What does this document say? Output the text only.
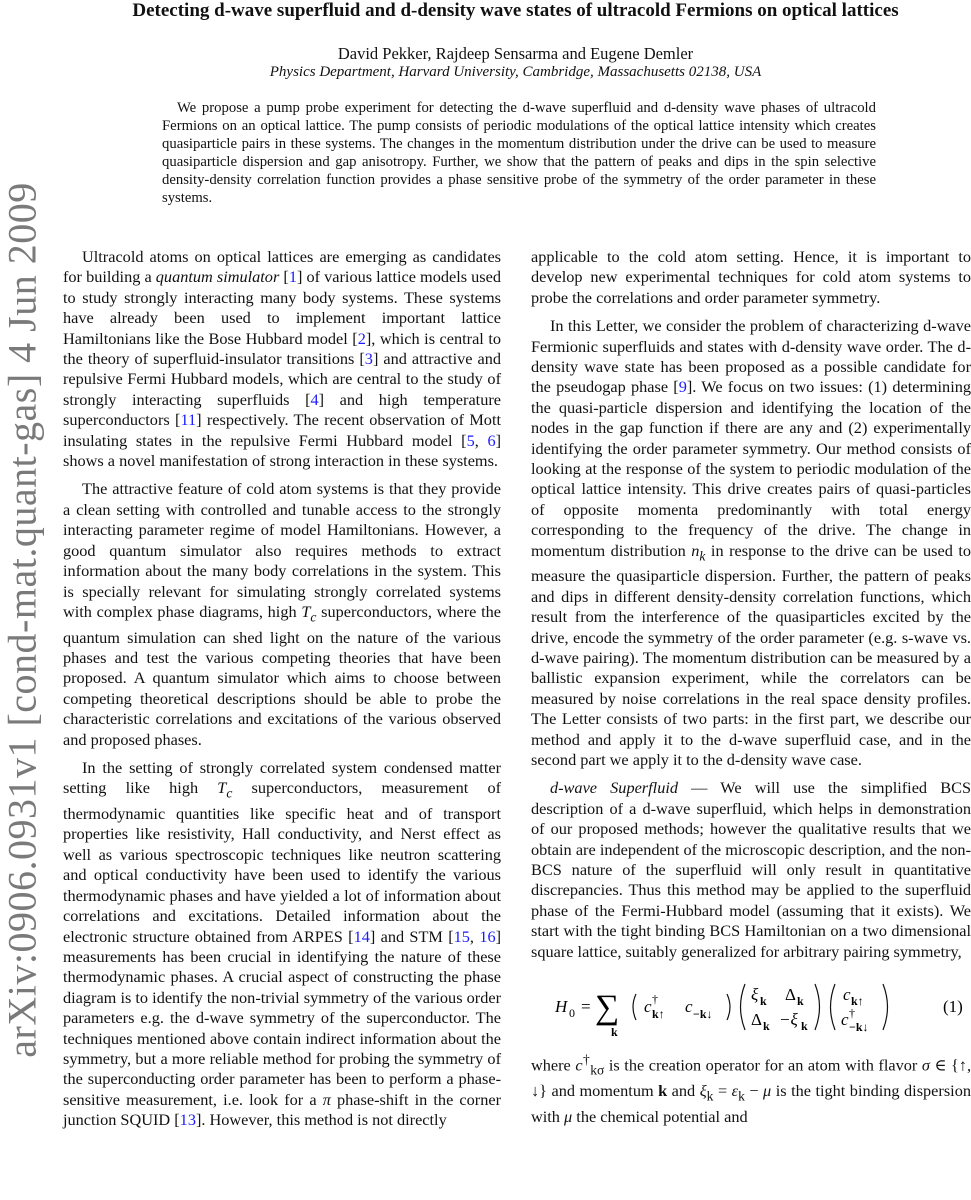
arXiv:0906.0931v1 [cond-mat.quant-gas] 4 Jun 2009
Detecting d-wave superfluid and d-density wave states of ultracold Fermions on optical lattices
David Pekker, Rajdeep Sensarma and Eugene Demler
Physics Department, Harvard University, Cambridge, Massachusetts 02138, USA
We propose a pump probe experiment for detecting the d-wave superfluid and d-density wave phases of ultracold Fermions on an optical lattice. The pump consists of periodic modulations of the optical lattice intensity which creates quasiparticle pairs in these systems. The changes in the momentum distribution under the drive can be used to measure quasiparticle dispersion and gap anisotropy. Further, we show that the pattern of peaks and dips in the spin selective density-density correlation function provides a phase sensitive probe of the symmetry of the order parameter in these systems.

Ultracold atoms on optical lattices are emerging as candidates for building a quantum simulator [1] of various lattice models used to study strongly interacting many body systems. These systems have already been used to implement important lattice Hamiltonians like the Bose Hubbard model [2], which is central to the theory of superfluid-insulator transitions [3] and attractive and repulsive Fermi Hubbard models, which are central to the study of strongly interacting superfluids [4] and high temperature superconductors [11] respectively. The recent observation of Mott insulating states in the repulsive Fermi Hubbard model [5, 6] shows a novel manifestation of strong interaction in these systems.

The attractive feature of cold atom systems is that they provide a clean setting with controlled and tunable access to the strongly interacting parameter regime of model Hamiltonians. However, a good quantum simulator also requires methods to extract information about the many body correlations in the system. This is specially relevant for simulating strongly correlated systems with complex phase diagrams, high $T_c$ superconductors, where the quantum simulation can shed light on the nature of the various phases and test the various competing theories that have been proposed. A quantum simulator which aims to choose between competing theoretical descriptions should be able to probe the characteristic correlations and excitations of the various observed and proposed phases.

In the setting of strongly correlated system condensed matter setting like high $T_c$ superconductors, measurement of thermodynamic quantities like specific heat and of transport properties like resistivity, Hall conductivity, and Nerst effect as well as various spectroscopic techniques like neutron scattering and optical conductivity have been used to identify the various thermodynamic phases and have yielded a lot of information about correlations and excitations. Detailed information about the electronic structure obtained from ARPES [14] and STM [15, 16] measurements has been crucial in identifying the nature of these thermodynamic phases. A crucial aspect of constructing the phase diagram is to identify the non-trivial symmetry of the various order parameters e.g. the d-wave symmetry of the superconductor. The techniques mentioned above contain indirect information about the symmetry, but a more reliable method for probing the symmetry of the superconducting order parameter has been to perform a phase-sensitive measurement, i.e. look for a π phase-shift in the corner junction SQUID [13]. However, this method is not directly

applicable to the cold atom setting. Hence, it is important to develop new experimental techniques for cold atom systems to probe the correlations and order parameter symmetry.

In this Letter, we consider the problem of characterizing d-wave Fermionic superfluids and states with d-density wave order. The d-density wave state has been proposed as a possible candidate for the pseudogap phase [9]. We focus on two issues: (1) determining the quasi-particle dispersion and identifying the location of the nodes in the gap function if there are any and (2) experimentally identifying the order parameter symmetry. Our method consists of looking at the response of the system to periodic modulation of the optical lattice intensity. This drive creates pairs of quasi-particles of opposite momenta predominantly with total energy corresponding to the frequency of the drive. The change in momentum distribution $n_k$ in response to the drive can be used to measure the quasiparticle dispersion. Further, the pattern of peaks and dips in different density-density correlation functions, which result from the interference of the quasiparticles excited by the drive, encode the symmetry of the order parameter (e.g. s-wave vs. d-wave pairing). The momentum distribution can be measured by a ballistic expansion experiment, while the correlators can be measured by noise correlations in the real space density profiles. The Letter consists of two parts: in the first part, we describe our method and apply it to the d-wave superfluid case, and in the second part we apply it to the d-density wave case.

d-wave Superfluid — We will use the simplified BCS description of a d-wave superfluid, which helps in demonstration of our proposed methods; however the qualitative results that we obtain are independent of the microscopic description, and the non-BCS nature of the superfluid will only result in quantitative discrepancies. Thus this method may be applied to the superfluid phase of the Fermi-Hubbard model (assuming that it exists). We start with the tight binding BCS Hamiltonian on a two dimensional square lattice, suitably generalized for arbitrary pairing symmetry,

H 0 = ∑
k
c †
k↑ c −k↓
ξ k Δ k
Δ k −ξ k
c k↑
c †
−k↓
(1)

where $c^\dagger_{k\sigma}$ is the creation operator for an atom with flavor σ ∈ {↑, ↓} and momentum k and $\xi_k = \varepsilon_k - \mu$ is the tight binding dispersion with μ the chemical potential and
